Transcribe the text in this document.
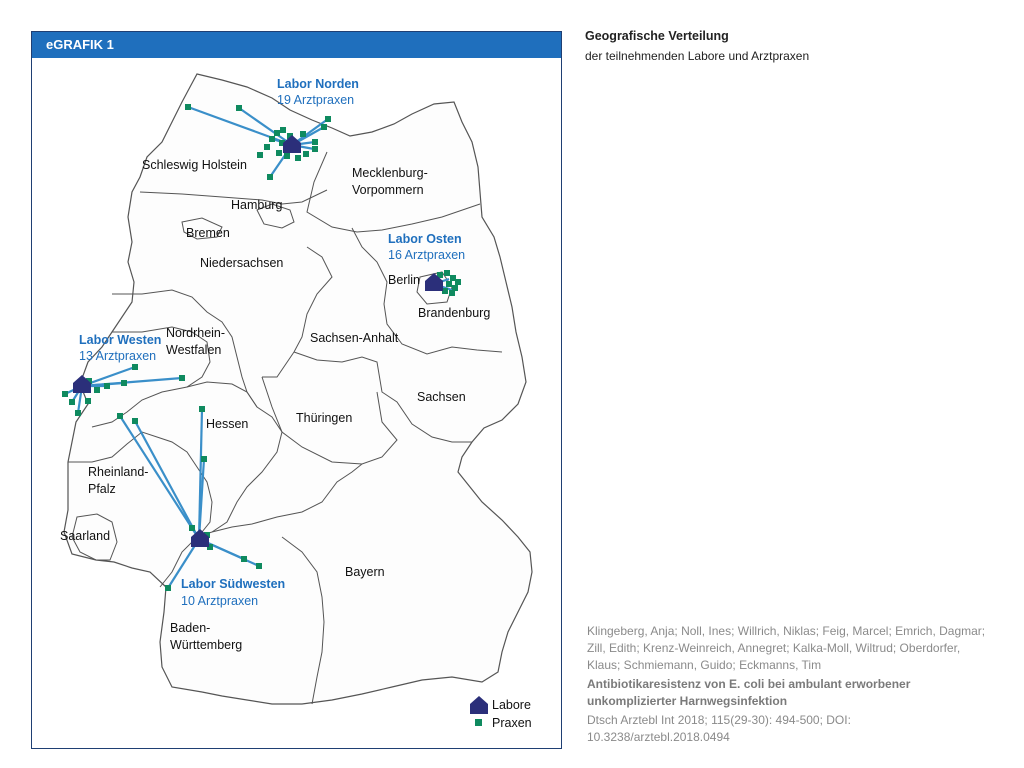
eGRAFIK 1
Schleswig Holstein
Hamburg
Mecklenburg-
Vorpommern
Bremen
Niedersachsen
Berlin
Brandenburg
Sachsen-Anhalt
Nordrhein-
Westfalen
Hessen	Thüringen
Sachsen
Rheinland-
Pfalz
Saarland
Bayern
Baden-
Württemberg
Labor Norden
19 Arztpraxen
Labor Osten
16 Arztpraxen
Labor Westen
13 Arztpraxen
Labor Südwesten
10 Arztpraxen
Labore
Praxen
Geografische Verteilung
der teilnehmenden Labore und Arztpraxen

Klingeberg, Anja; Noll, Ines; Willrich, Niklas; Feig, Marcel; Emrich, Dagmar; Zill, Edith; Krenz-Weinreich, Annegret; Kalka-Moll, Wiltrud; Oberdorfer, Klaus; Schmiemann, Guido; Eckmanns, Tim

Antibiotikaresistenz von E. coli bei ambulant erworbener unkomplizierter Harnwegsinfektion

Dtsch Arztebl Int 2018; 115(29-30): 494-500; DOI: 10.3238/arztebl.2018.0494
